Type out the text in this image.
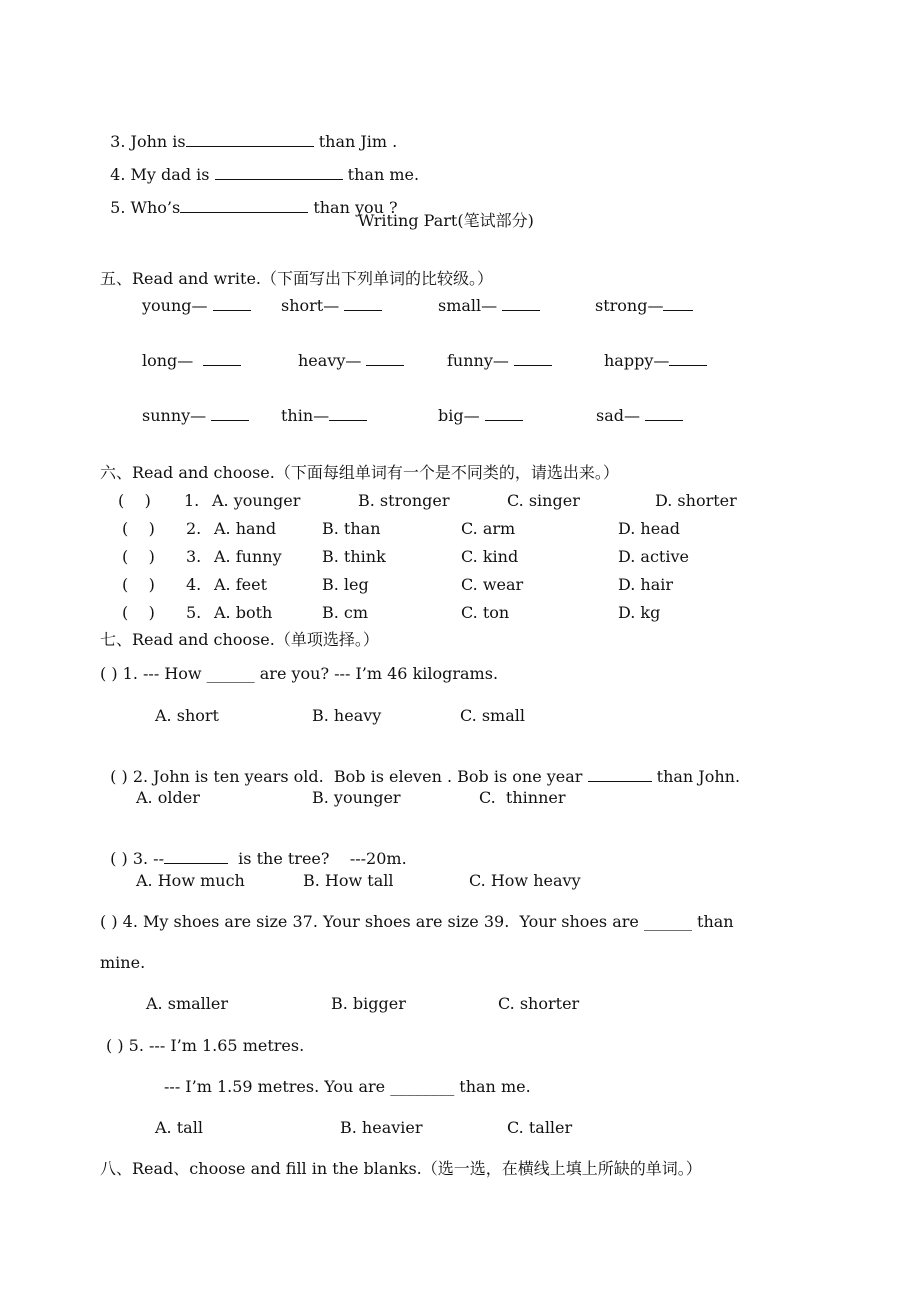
3. John is	than Jim .

4. My dad is	than me.

5. Who’s	than you ?

Writing Part(笔试部分)
五、Read and write.（下面写出下列单词的比较级。）
young—	short—	small—	strong—
long—	heavy—	funny—	happy—
sunny—	thin—	big—	sad—
六、Read and choose.（下面每组单词有一个是不同类的，请选出来。）
(    ) 1. A. younger	B. stronger	C. singer	D. shorter
(    ) 2. A. hand	B. than	C. arm	D. head
(    ) 3. A. funny	B. think	C. kind	D. active
(    ) 4. A. feet	B. leg	C. wear	D. hair
(    ) 5. A. both	B. cm	C. ton	D. kg
七、Read and choose.（单项选择。）
( ) 1. --- How ______ are you? --- I’m 46 kilograms.
A. short	B. heavy	C. small

( ) 2. John is ten years old.  Bob is eleven . Bob is one year	than John.

A. older	B. younger	C.  thinner

( ) 3. --	is the tree? ---20m.

A. How much	B. How tall	C. How heavy
( ) 4. My shoes are size 37. Your shoes are size 39.  Your shoes are ______ than
mine.
A. smaller	B. bigger	C. shorter
( ) 5. --- I’m 1.65 metres.
--- I’m 1.59 metres. You are ________ than me.
A. tall	B. heavier	C. taller
八、Read、choose and fill in the blanks.（选一选，在横线上填上所缺的单词。）
